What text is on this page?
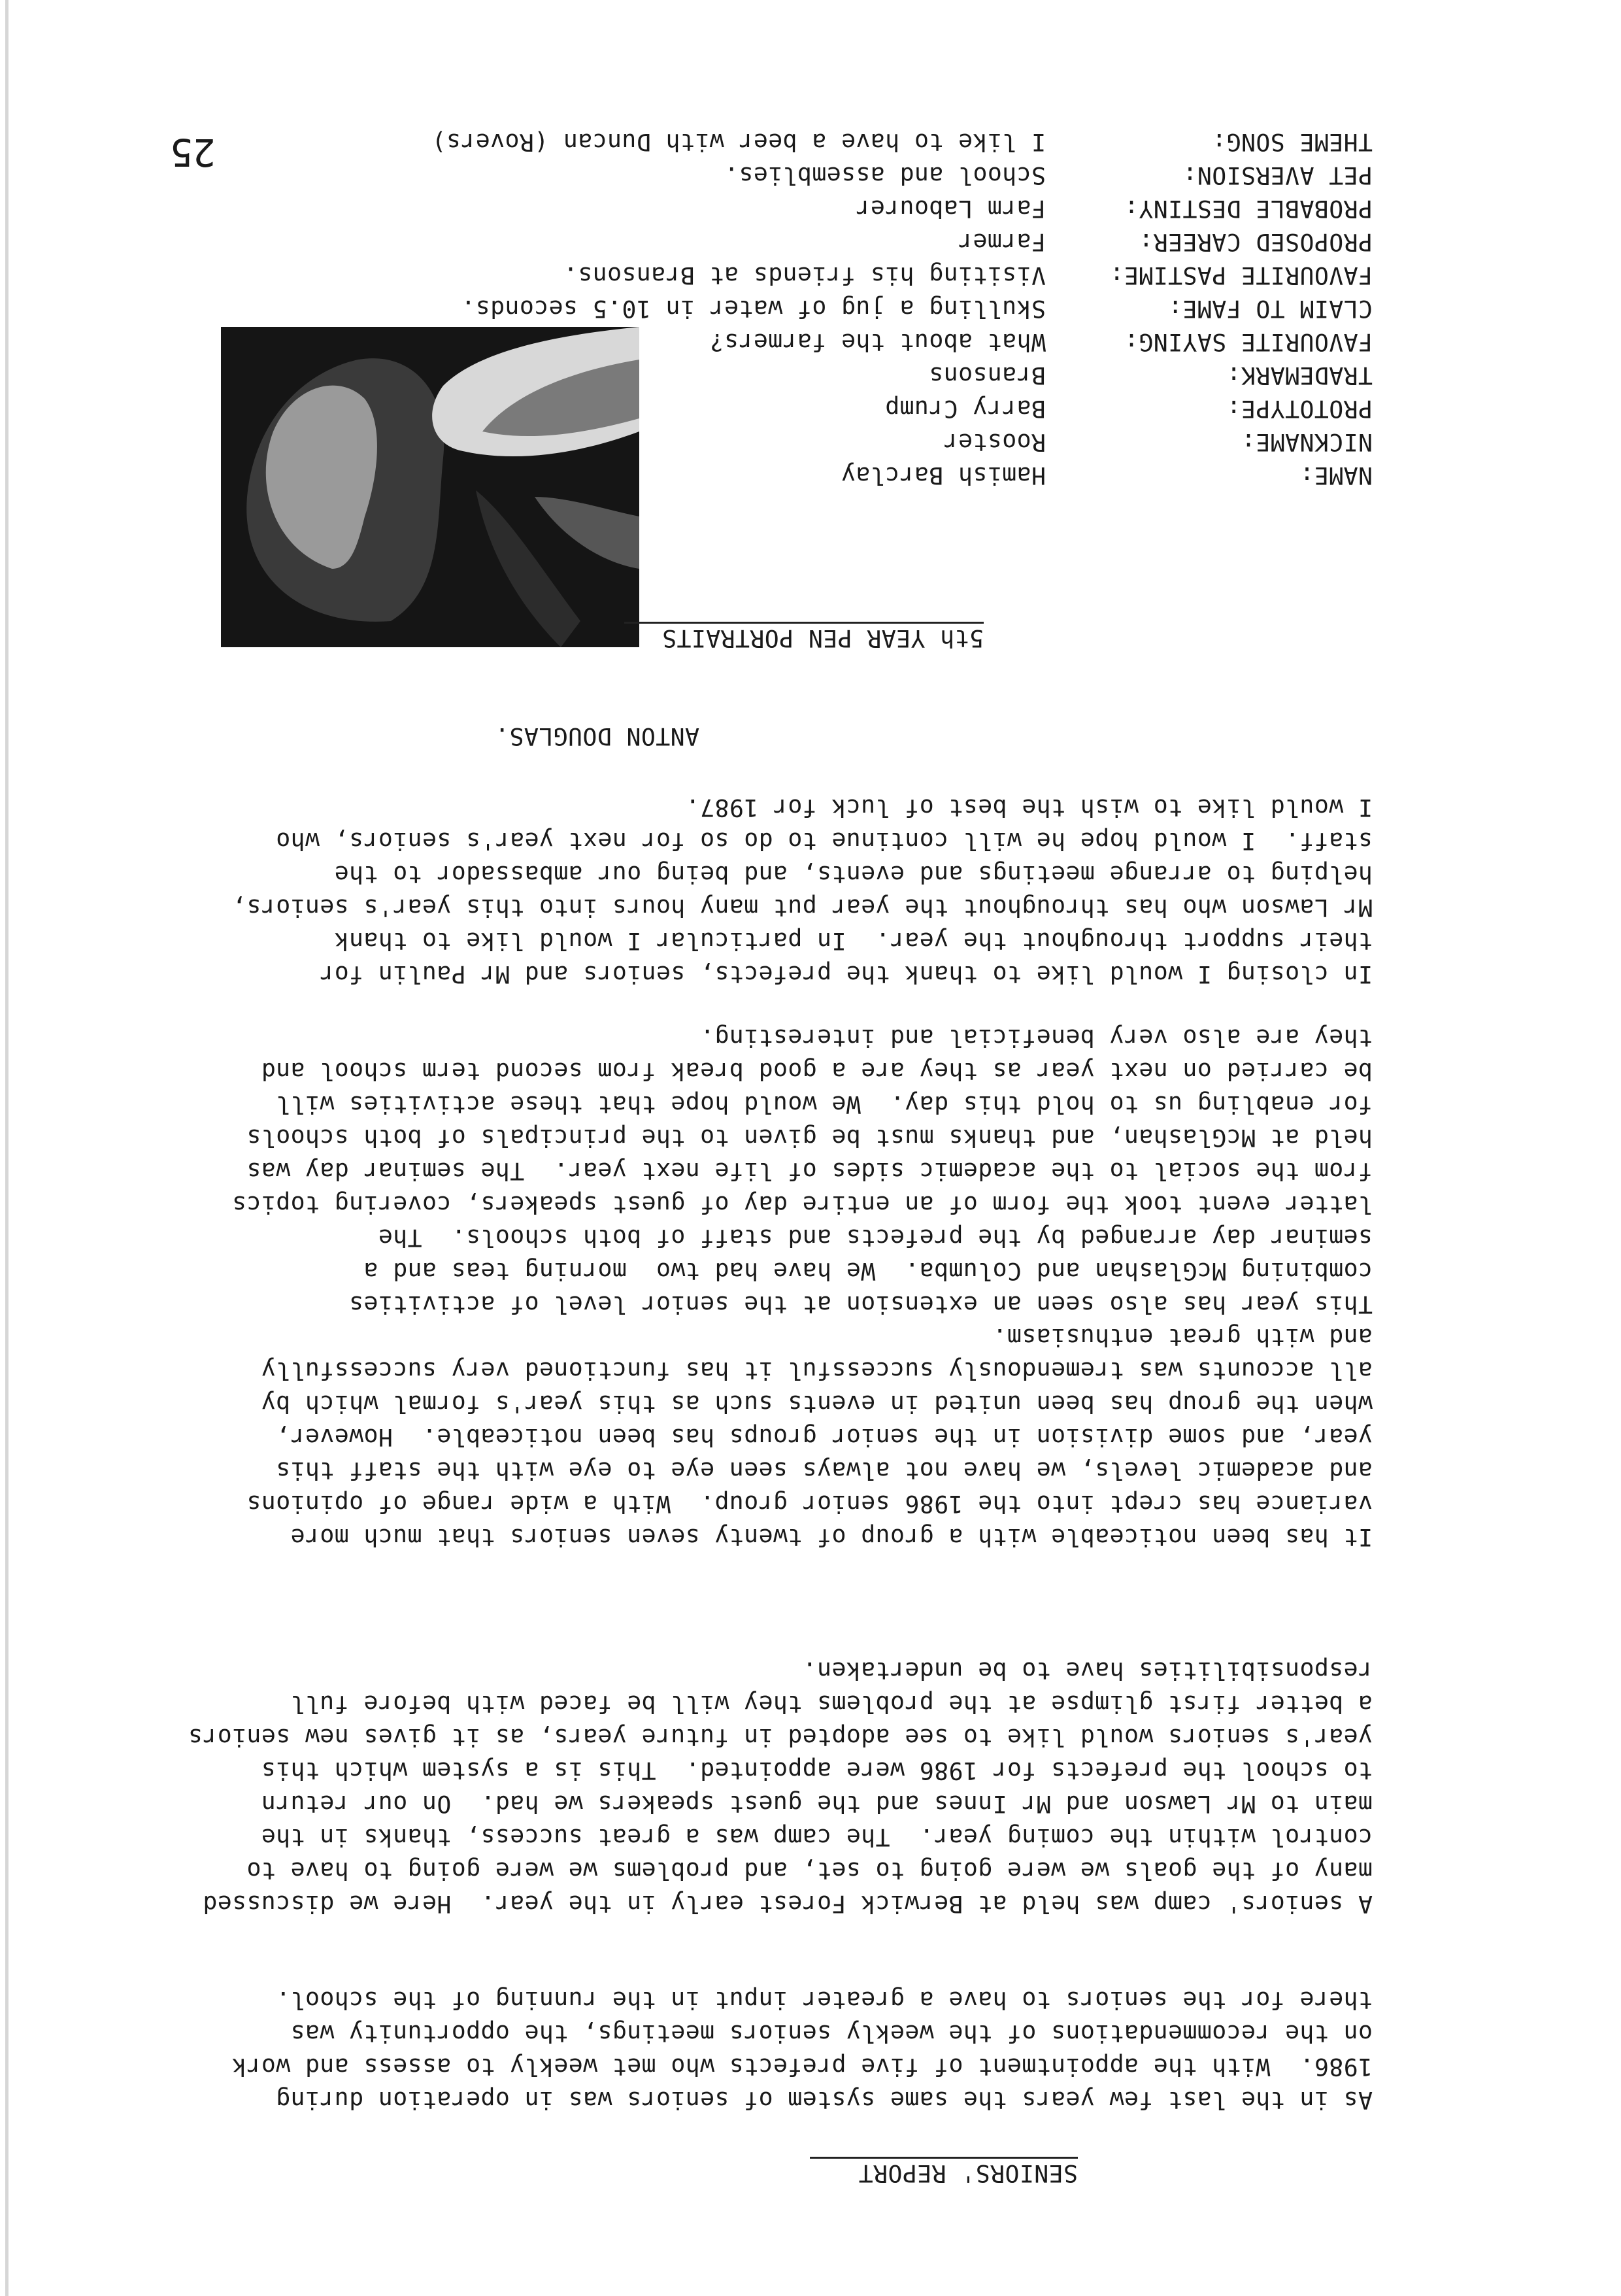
25
NAME:
Hamish Barclay
NICKNAME:
Rooster
PROTOTYPE:
Barry Crump
TRADEMARK:
Bransons
FAVOURITE SAYING:
What about the farmers?
CLAIM TO FAME:
Skulling a jug of water in 10.5 seconds.
FAVOURITE PASTIME:
Visiting his friends at Bransons.
PROPOSED CAREER:
Farmer
PROBABLE DESTINY:
Farm Labourer
PET AVERSION:
School and assemblies.
THEME SONG:
I like to have a beer with Duncan (Rovers)
5th YEAR PEN PORTRAITS
ANTON DOUGLAS.
In closing I would like to thank the prefects, seniors and Mr Paulin for
their support throughout the year.  In particular I would like to thank
Mr Lawson who has throughout the year put many hours into this year's seniors,
helping to arrange meetings and events, and being our ambassador to the
staff.  I would hope he will continue to do so for next year's seniors, who
I would like to wish the best of luck for 1987.
This year has also seen an extension at the senior level of activities
combining McGlashan and Columba.  We have had two  morning teas and a
seminar day arranged by the prefects and staff of both schools.  The
latter event took the form of an entire day of guest speakers, covering topics
from the social to the academic sides of life next year.  The seminar day was
held at McGlashan, and thanks must be given to the principals of both schools
for enabling us to hold this day.  We would hope that these activities will
be carried on next year as they are a good break from second term school and
they are also very beneficial and interesting.
It has been noticeable with a group of twenty seven seniors that much more
variance has crept into the 1986 senior group.  With a wide range of opinions
and academic levels, we have not always seen eye to eye with the staff this
year, and some division in the senior groups has been noticeable.  However,
when the group has been united in events such as this year's formal which by
all accounts was tremendously successful it has functioned very successfully
and with great enthusiasm.
A seniors' camp was held at Berwick Forest early in the year.  Here we discussed
many of the goals we were going to set, and problems we were going to have to
control within the coming year.  The camp was a great success, thanks in the
main to Mr Lawson and Mr Innes and the guest speakers we had.  On our return
to school the prefects for 1986 were appointed.  This is a system which this
year's seniors would like to see adopted in future years, as it gives new seniors
a better first glimpse at the problems they will be faced with before full
responsibilities have to be undertaken.
As in the last few years the same system of seniors was in operation during
1986.  With the appointment of five prefects who met weekly to assess and work
on the recommendations of the weekly seniors meetings, the opportunity was
there for the seniors to have a greater input in the running of the school.
SENIORS' REPORT
